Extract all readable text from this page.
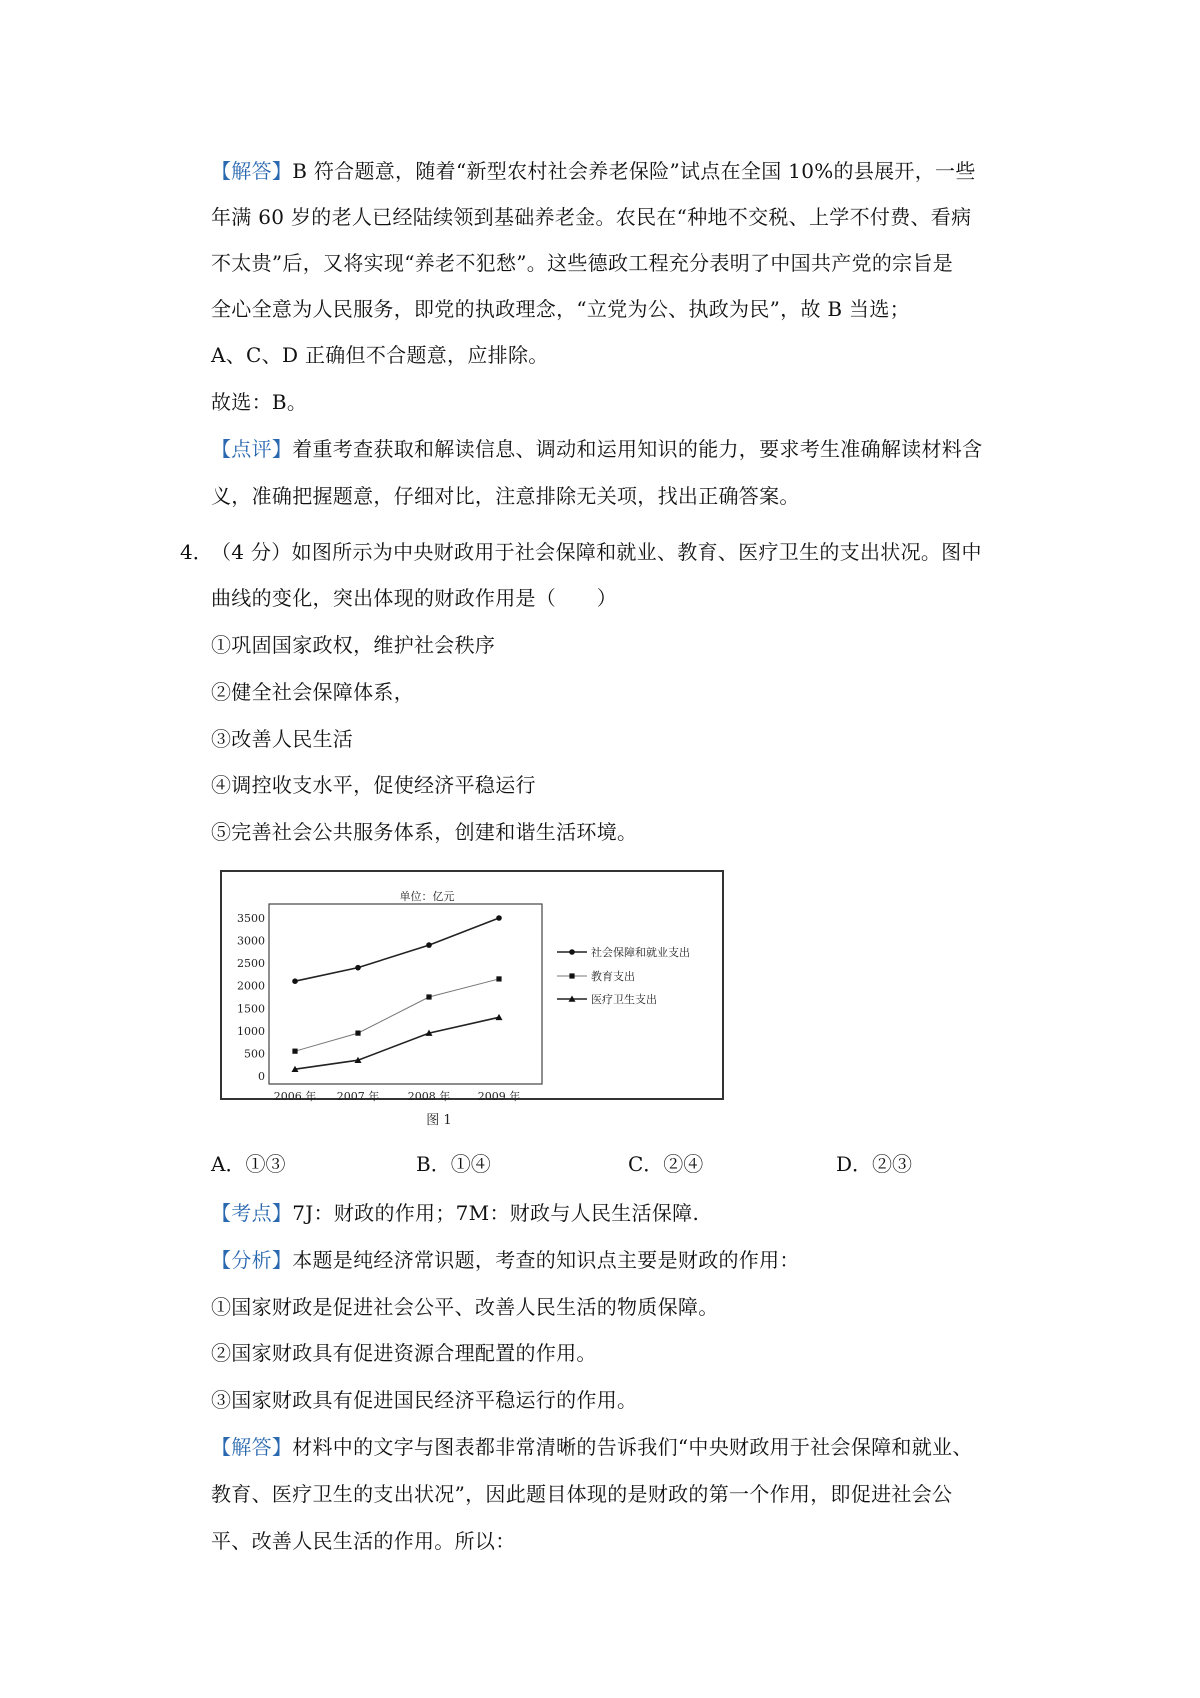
【解答】B 符合题意，随着“新型农村社会养老保险”试点在全国 10%的县展开，一些
年满 60 岁的老人已经陆续领到基础养老金。农民在“种地不交税、上学不付费、看病
不太贵”后，又将实现“养老不犯愁”。这些德政工程充分表明了中国共产党的宗旨是
全心全意为人民服务，即党的执政理念，“立党为公、执政为民”，故 B 当选；
A、C、D 正确但不合题意，应排除。
故选：B。
【点评】着重考查获取和解读信息、调动和运用知识的能力，要求考生准确解读材料含
义，准确把握题意，仔细对比，注意排除无关项，找出正确答案。
4．
（4 分）如图所示为中央财政用于社会保障和就业、教育、医疗卫生的支出状况。图中
曲线的变化，突出体现的财政作用是（　　）
①巩固国家政权，维护社会秩序
②健全社会保障体系，
③改善人民生活
④调控收支水平，促使经济平稳运行
⑤完善社会公共服务体系，创建和谐生活环境。
单位：亿元
3500
3000
2500
2000
1500
1000
500
0
2006 年 2007 年	2008 年	2009 年
社会保障和就业支出
教育支出
医疗卫生支出
图 1
A．①③	B．①④	C．②④	D．②③
【考点】7J：财政的作用；7M：财政与人民生活保障.
【分析】本题是纯经济常识题，考查的知识点主要是财政的作用：
①国家财政是促进社会公平、改善人民生活的物质保障。
②国家财政具有促进资源合理配置的作用。
③国家财政具有促进国民经济平稳运行的作用。
【解答】材料中的文字与图表都非常清晰的告诉我们“中央财政用于社会保障和就业、
教育、医疗卫生的支出状况”，因此题目体现的是财政的第一个作用，即促进社会公
平、改善人民生活的作用。所以：
